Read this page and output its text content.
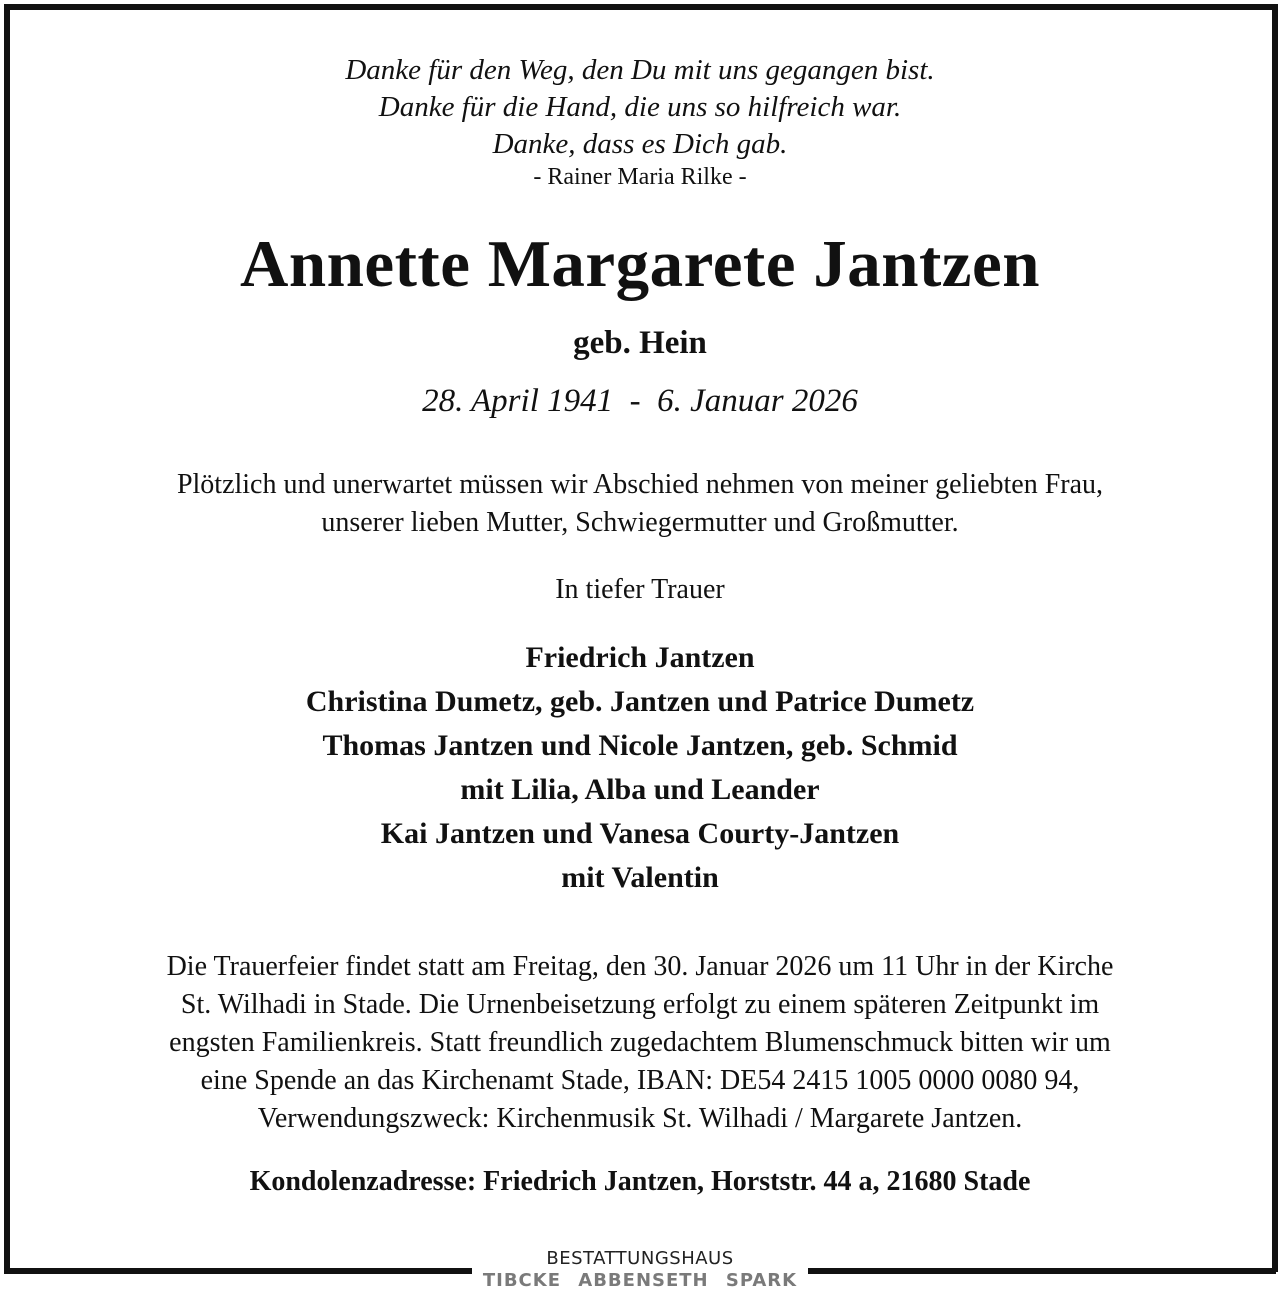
Danke für den Weg, den Du mit uns gegangen bist.

Danke für die Hand, die uns so hilfreich war.

Danke, dass es Dich gab.

- Rainer Maria Rilke -
Annette Margarete Jantzen
geb. Hein
28. April 1941  -  6. Januar 2026

Plötzlich und unerwartet müssen wir Abschied nehmen von meiner geliebten Frau,

unserer lieben Mutter, Schwiegermutter und Großmutter.

In tiefer Trauer

Friedrich Jantzen

Christina Dumetz, geb. Jantzen und Patrice Dumetz

Thomas Jantzen und Nicole Jantzen, geb. Schmid

mit Lilia, Alba und Leander

Kai Jantzen und Vanesa Courty-Jantzen

mit Valentin

Die Trauerfeier findet statt am Freitag, den 30. Januar 2026 um 11 Uhr in der Kirche

St. Wilhadi in Stade. Die Urnenbeisetzung erfolgt zu einem späteren Zeitpunkt im

engsten Familienkreis. Statt freundlich zugedachtem Blumenschmuck bitten wir um

eine Spende an das Kirchenamt Stade, IBAN: DE54 2415 1005 0000 0080 94,

Verwendungszweck: Kirchenmusik St. Wilhadi / Margarete Jantzen.

Kondolenzadresse: Friedrich Jantzen, Horststr. 44 a, 21680 Stade
BESTATTUNGSHAUS
TIBCKE ABBENSETH SPARK
